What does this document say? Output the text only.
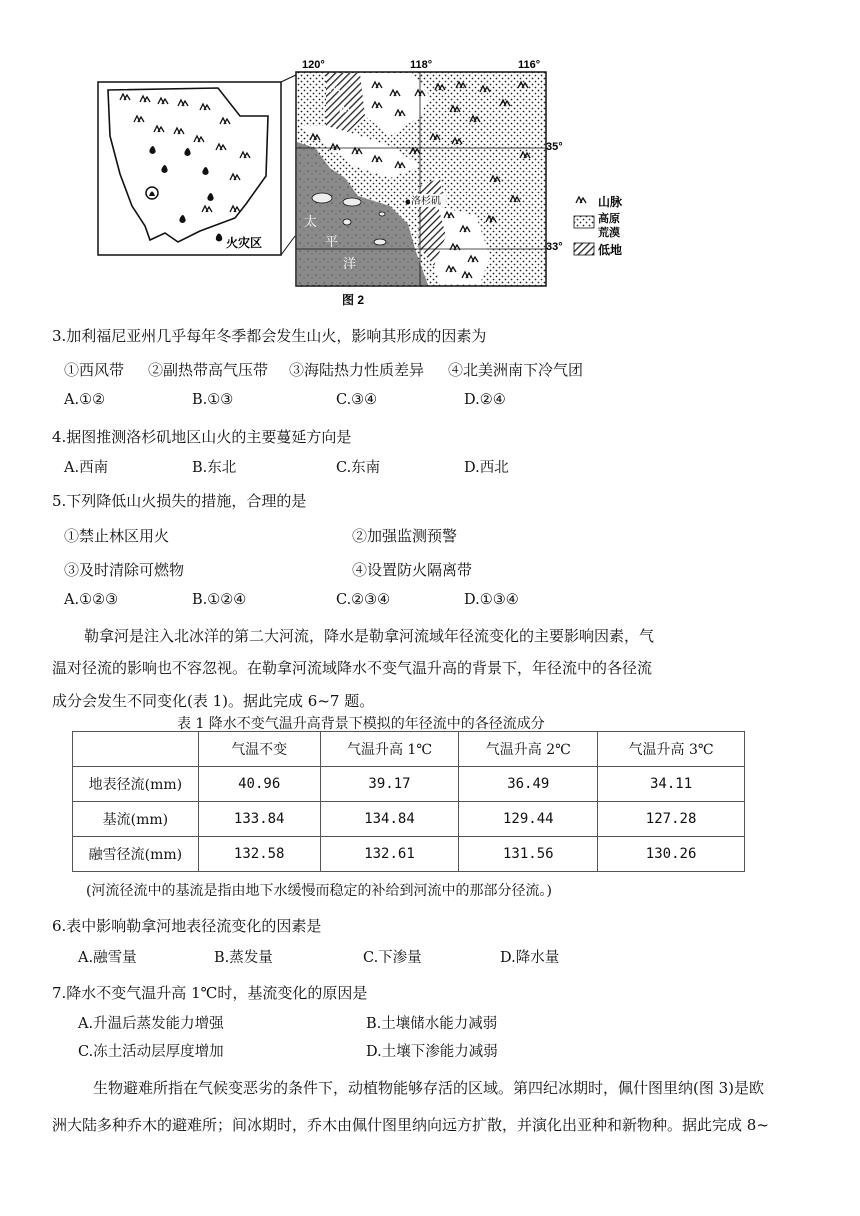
火灾区
洛杉矶
太
平
洋
120°	118°	116°
35°
33°
山脉
高原
荒漠
低地
图 2
3.加利福尼亚州几乎每年冬季都会发生山火，影响其形成的因素为
①西风带 ②副热带高气压带 ③海陆热力性质差异 ④北美洲南下冷气团
A.①②	B.①③	C.③④	D.②④
4.据图推测洛杉矶地区山火的主要蔓延方向是
A.西南	B.东北	C.东南	D.西北
5.下列降低山火损失的措施，合理的是
①禁止林区用火	②加强监测预警
③及时清除可燃物	④设置防火隔离带
A.①②③	B.①②④	C.②③④	D.①③④
勒拿河是注入北冰洋的第二大河流，降水是勒拿河流域年径流变化的主要影响因素，气
温对径流的影响也不容忽视。在勒拿河流域降水不变气温升高的背景下，年径流中的各径流
成分会发生不同变化(表 1)。据此完成 6~7 题。
表 1 降水不变气温升高背景下模拟的年径流中的各径流成分
	气温不变	气温升高 1℃	气温升高 2℃	气温升高 3℃
地表径流(mm)	40.96	39.17	36.49	34.11
基流(mm)	133.84	134.84	129.44	127.28
融雪径流(mm)	132.58	132.61	131.56	130.26
(河流径流中的基流是指由地下水缓慢而稳定的补给到河流中的那部分径流。)
6.表中影响勒拿河地表径流变化的因素是
A.融雪量	B.蒸发量	C.下渗量	D.降水量
7.降水不变气温升高 1℃时，基流变化的原因是
A.升温后蒸发能力增强	B.土壤储水能力减弱
C.冻土活动层厚度增加	D.土壤下渗能力减弱
生物避难所指在气候变恶劣的条件下，动植物能够存活的区域。第四纪冰期时，佩什图里纳(图 3)是欧
洲大陆多种乔木的避难所；间冰期时，乔木由佩什图里纳向远方扩散，并演化出亚种和新物种。据此完成 8~
